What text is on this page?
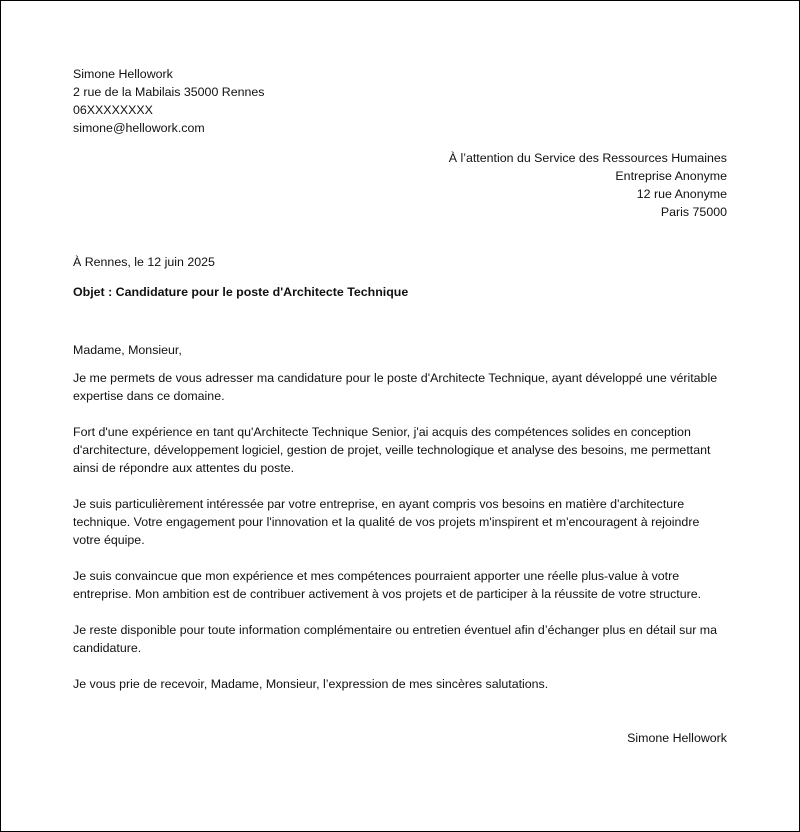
Simone Hellowork
2 rue de la Mabilais 35000 Rennes
06XXXXXXXX
simone@hellowork.com
À l’attention du Service des Ressources Humaines
Entreprise Anonyme
12 rue Anonyme
Paris 75000
À Rennes, le 12 juin 2025
Objet : Candidature pour le poste d'Architecte Technique
Madame, Monsieur,
Je me permets de vous adresser ma candidature pour le poste d'Architecte Technique, ayant développé une véritable expertise dans ce domaine.
Fort d'une expérience en tant qu'Architecte Technique Senior, j'ai acquis des compétences solides en conception d'architecture, développement logiciel, gestion de projet, veille technologique et analyse des besoins, me permettant ainsi de répondre aux attentes du poste.
Je suis particulièrement intéressée par votre entreprise, en ayant compris vos besoins en matière d'architecture technique. Votre engagement pour l'innovation et la qualité de vos projets m'inspirent et m'encouragent à rejoindre votre équipe.
Je suis convaincue que mon expérience et mes compétences pourraient apporter une réelle plus-value à votre entreprise. Mon ambition est de contribuer activement à vos projets et de participer à la réussite de votre structure.
Je reste disponible pour toute information complémentaire ou entretien éventuel afin d’échanger plus en détail sur ma candidature.
Je vous prie de recevoir, Madame, Monsieur, l’expression de mes sincères salutations.
Simone Hellowork
